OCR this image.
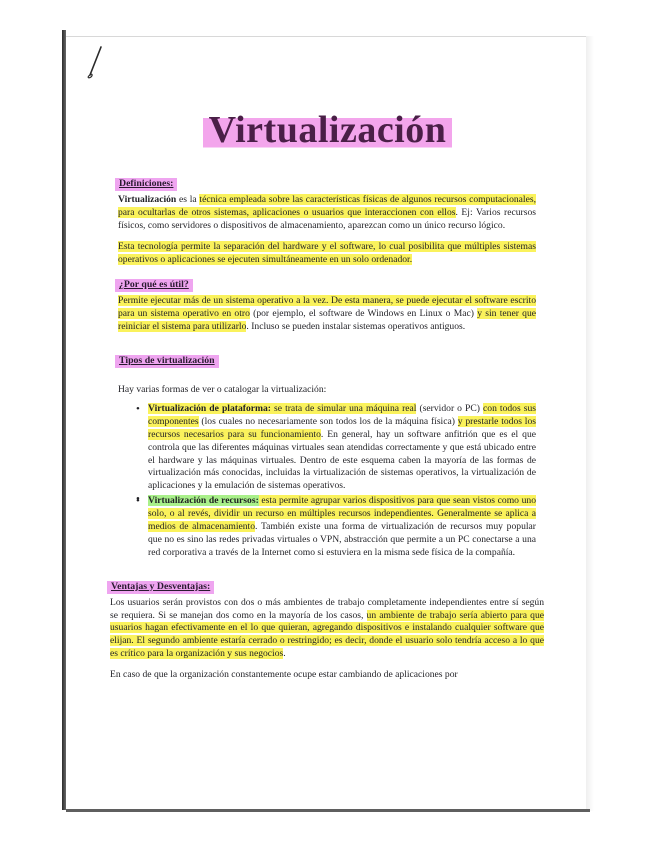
Virtualización
Definiciones:

Virtualización es la técnica empleada sobre las características físicas de algunos recursos computacionales, para ocultarlas de otros sistemas, aplicaciones o usuarios que interaccionen con ellos. Ej: Varios recursos físicos, como servidores o dispositivos de almacenamiento, aparezcan como un único recurso lógico.

Esta tecnología permite la separación del hardware y el software, lo cual posibilita que múltiples sistemas operativos o aplicaciones se ejecuten simultáneamente en un solo ordenador.

¿Por qué es útil?

Permite ejecutar más de un sistema operativo a la vez. De esta manera, se puede ejecutar el software escrito para un sistema operativo en otro (por ejemplo, el software de Windows en Linux o Mac) y sin tener que reiniciar el sistema para utilizarlo. Incluso se pueden instalar sistemas operativos antiguos.

Tipos de virtualización

Hay varias formas de ver o catalogar la virtualización:

• Virtualización de plataforma: se trata de simular una máquina real (servidor o PC) con todos sus componentes (los cuales no necesariamente son todos los de la máquina física) y prestarle todos los recursos necesarios para su funcionamiento. En general, hay un software anfitrión que es el que controla que las diferentes máquinas virtuales sean atendidas correctamente y que está ubicado entre el hardware y las máquinas virtuales. Dentro de este esquema caben la mayoría de las formas de virtualización más conocidas, incluidas la virtualización de sistemas operativos, la virtualización de aplicaciones y la emulación de sistemas operativos.
•
• Virtualización de recursos: esta permite agrupar varios dispositivos para que sean vistos como uno solo, o al revés, dividir un recurso en múltiples recursos independientes. Generalmente se aplica a medios de almacenamiento. También existe una forma de virtualización de recursos muy popular que no es sino las redes privadas virtuales o VPN, abstracción que permite a un PC conectarse a una red corporativa a través de la Internet como si estuviera en la misma sede física de la compañía.
Ventajas y Desventajas:

Los usuarios serán provistos con dos o más ambientes de trabajo completamente independientes entre sí según se requiera. Si se manejan dos como en la mayoría de los casos, un ambiente de trabajo sería abierto para que usuarios hagan efectivamente en el lo que quieran, agregando dispositivos e instalando cualquier software que elijan. El segundo ambiente estaría cerrado o restringido; es decir, donde el usuario solo tendría acceso a lo que es crítico para la organización y sus negocios.

En caso de que la organización constantemente ocupe estar cambiando de aplicaciones por
